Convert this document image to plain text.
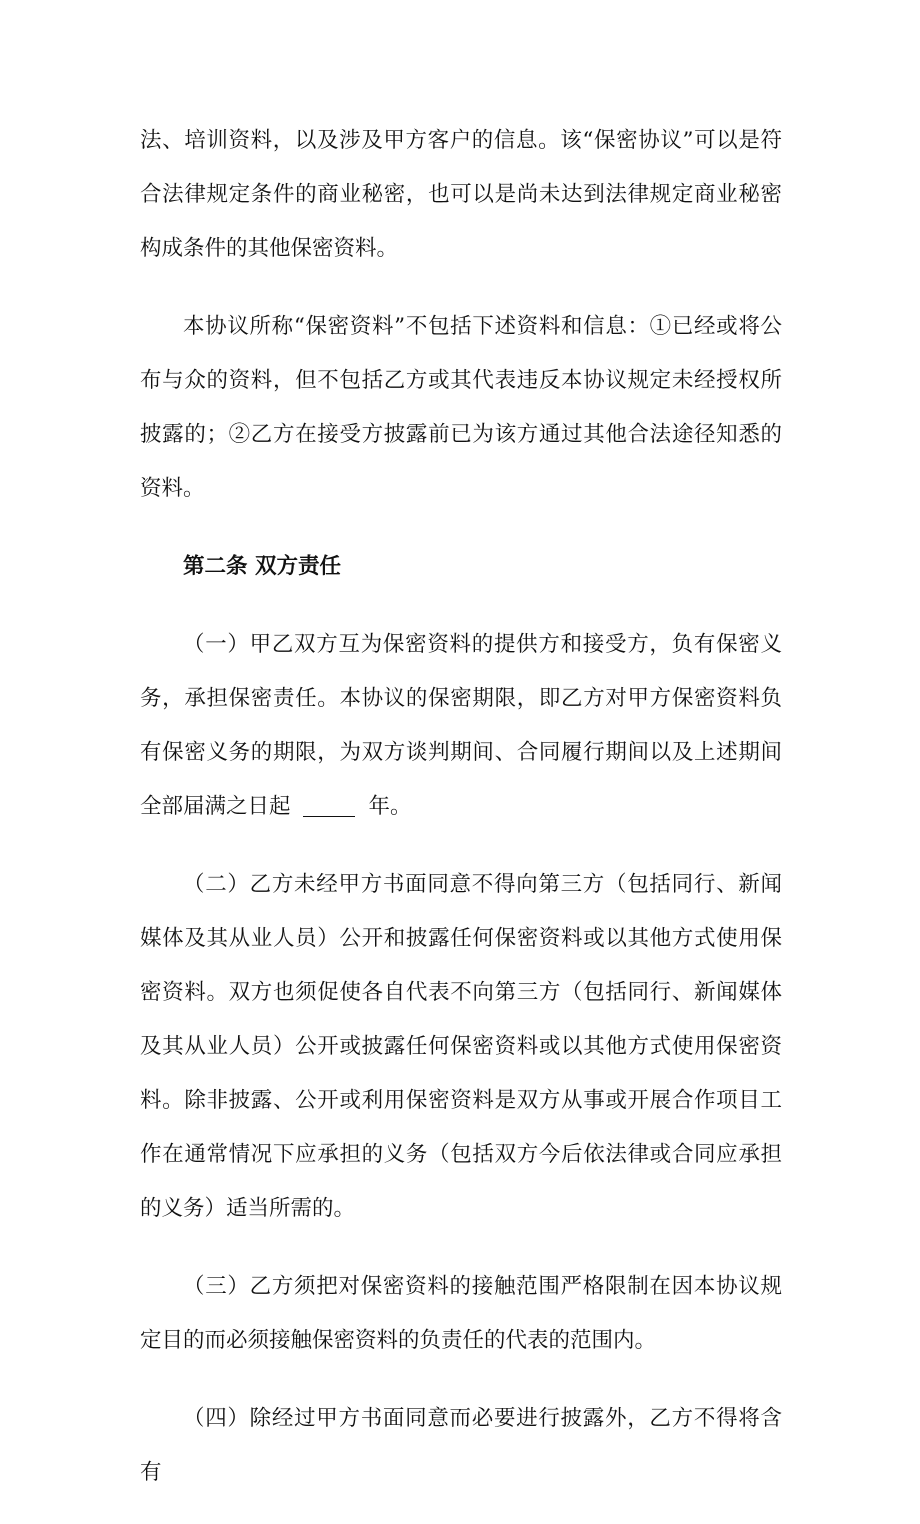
法、培训资料，以及涉及甲方客户的信息。该“保密协议”可以是符合法律规定条件的商业秘密，也可以是尚未达到法律规定商业秘密构成条件的其他保密资料。

本协议所称“保密资料”不包括下述资料和信息：①已经或将公布与众的资料，但不包括乙方或其代表违反本协议规定未经授权所披露的；②乙方在接受方披露前已为该方通过其他合法途径知悉的资料。

第二条 双方责任

（一）甲乙双方互为保密资料的提供方和接受方，负有保密义务，承担保密责任。本协议的保密期限，即乙方对甲方保密资料负有保密义务的期限，为双方谈判期间、合同履行期间以及上述期间全部届满之日起	年。

（二）乙方未经甲方书面同意不得向第三方（包括同行、新闻媒体及其从业人员）公开和披露任何保密资料或以其他方式使用保密资料。双方也须促使各自代表不向第三方（包括同行、新闻媒体及其从业人员）公开或披露任何保密资料或以其他方式使用保密资料。除非披露、公开或利用保密资料是双方从事或开展合作项目工作在通常情况下应承担的义务（包括双方今后依法律或合同应承担的义务）适当所需的。

（三）乙方须把对保密资料的接触范围严格限制在因本协议规定目的而必须接触保密资料的负责任的代表的范围内。

（四）除经过甲方书面同意而必要进行披露外，乙方不得将含有
